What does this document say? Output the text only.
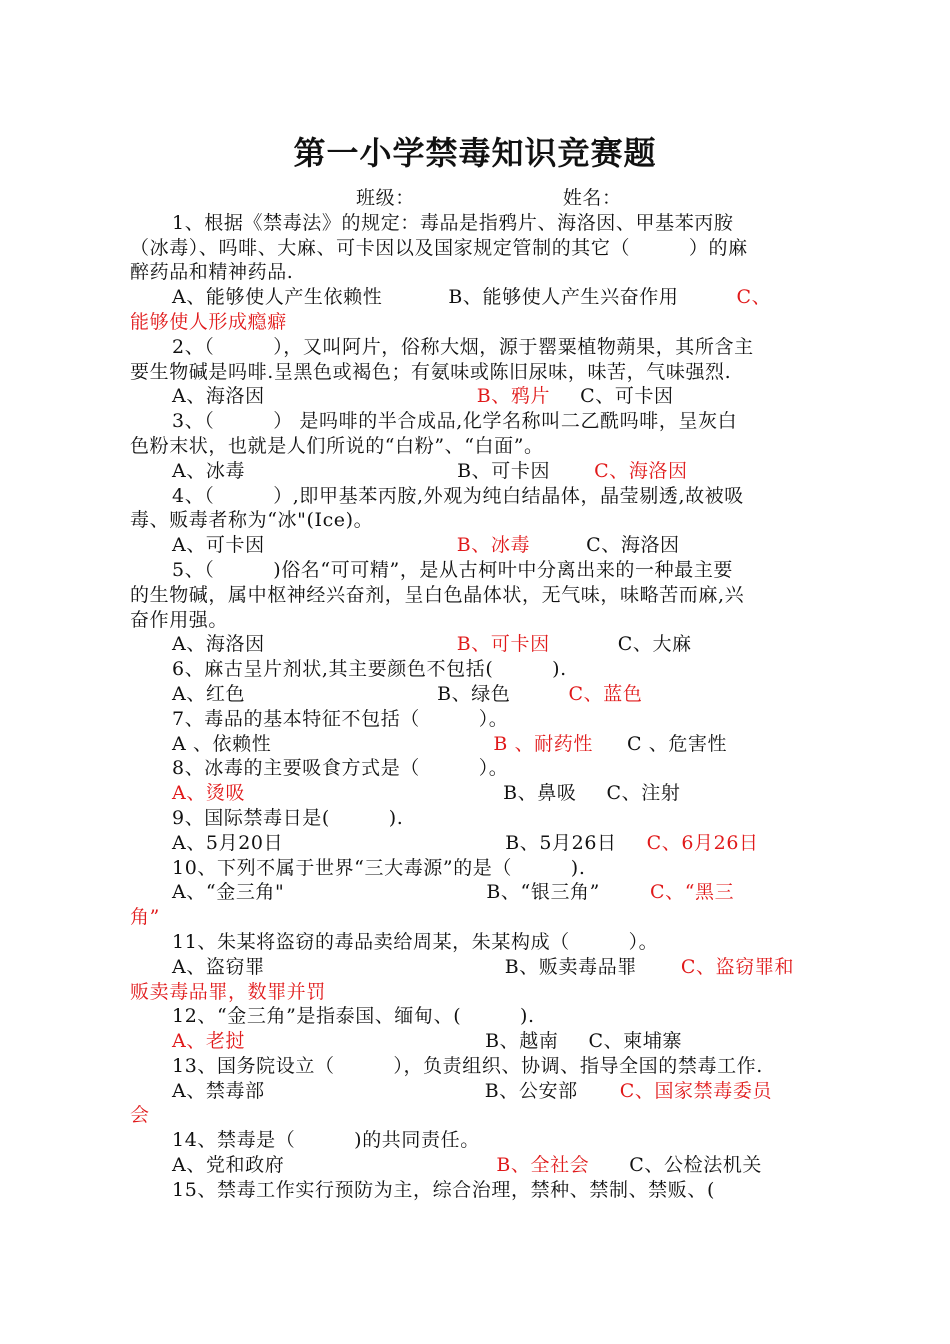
第一小学禁毒知识竞赛题
班级：	姓名：
1、根据《禁毒法》的规定：毒品是指鸦片、海洛因、甲基苯丙胺
（冰毒）、吗啡、大麻、可卡因以及国家规定管制的其它（　　　）的麻
醉药品和精神药品.
A、能够使人产生依赖性	B、能够使人产生兴奋作用	C、
能够使人形成瘾癖
2、（　　　），又叫阿片，俗称大烟，源于罂粟植物蒴果，其所含主
要生物碱是吗啡.呈黑色或褐色；有氨味或陈旧尿味，味苦，气味强烈.
A、海洛因	B、鸦片 C、可卡因
3、（　　　） 是吗啡的半合成品,化学名称叫二乙酰吗啡，呈灰白
色粉末状，也就是人们所说的“白粉”、“白面”。
A、冰毒	B、可卡因 C、海洛因
4、（　　　）,即甲基苯丙胺,外观为纯白结晶体，晶莹剔透,故被吸
毒、贩毒者称为“冰"(Ice)。
A、可卡因	B、冰毒	C、海洛因
5、（　　　)俗名“可可精”，是从古柯叶中分离出来的一种最主要
的生物碱，属中枢神经兴奋剂，呈白色晶体状，无气味，味略苦而麻,兴
奋作用强。
A、海洛因	B、可卡因	C、大麻
6、麻古呈片剂状,其主要颜色不包括(　　　).
A、红色	B、绿色	C、蓝色
7、毒品的基本特征不包括（　　　）。
A 、依赖性	B 、耐药性 C 、危害性
8、冰毒的主要吸食方式是（　　　）。
A、烫吸	B、鼻吸 C、注射
9、国际禁毒日是(　　　).
A、5月20日	B、5月26日 C、6月26日
10、下列不属于世界“三大毒源”的是（　　　).
A、“金三角"	B、“银三角”	C、“黑三
角”
11、朱某将盗窃的毒品卖给周某，朱某构成（　　　）。
A、盗窃罪	B、贩卖毒品罪 C、盗窃罪和
贩卖毒品罪，数罪并罚
12、“金三角”是指泰国、缅甸、(　　　).
A、老挝	B、越南 C、柬埔寨
13、国务院设立（　　　），负责组织、协调、指导全国的禁毒工作.
A、禁毒部	B、公安部 C、国家禁毒委员
会
14、禁毒是（　　　)的共同责任。
A、党和政府	B、全社会 C、公检法机关
15、禁毒工作实行预防为主，综合治理，禁种、禁制、禁贩、(
